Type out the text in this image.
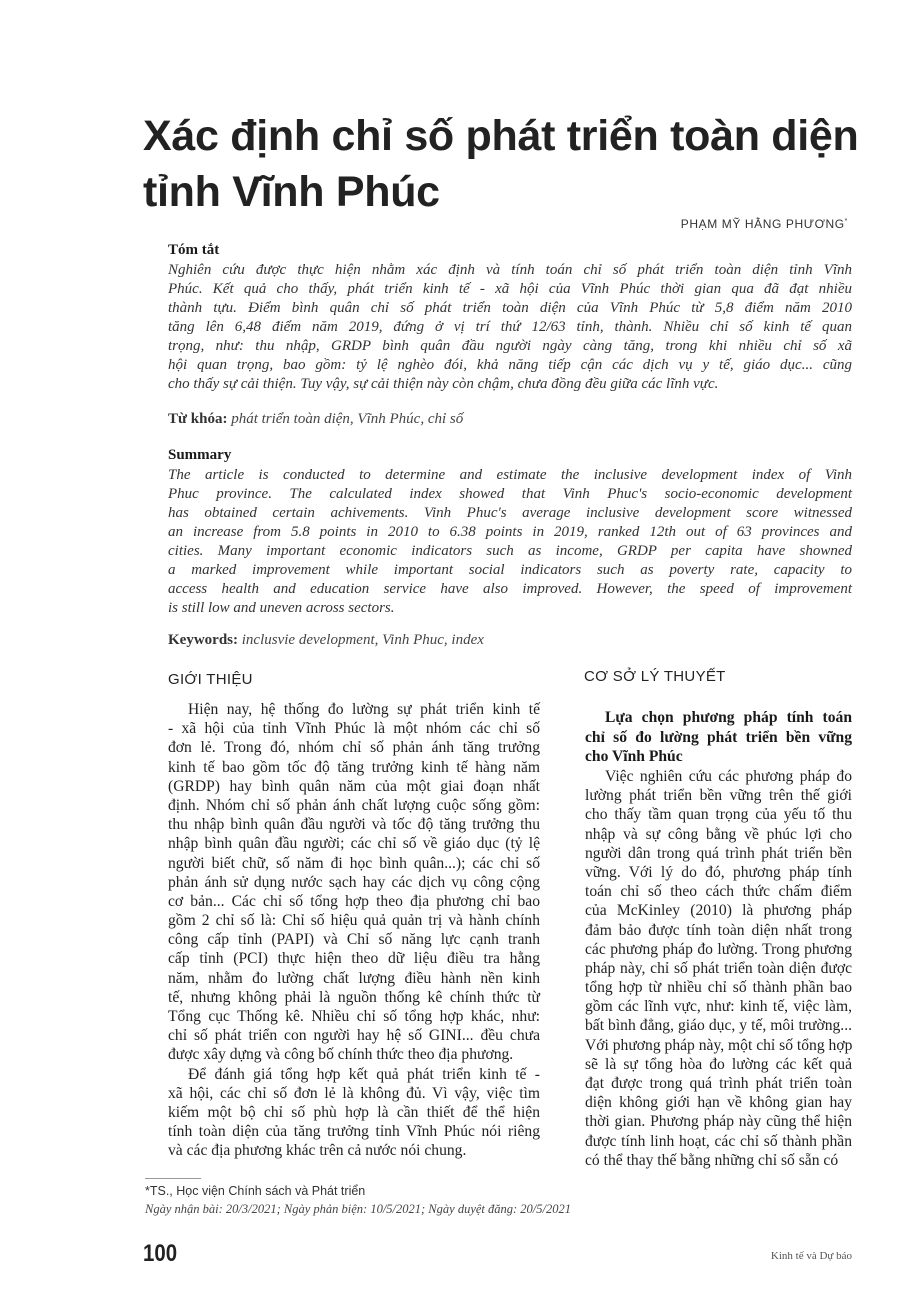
Xác định chỉ số phát triển toàn diện
tỉnh Vĩnh Phúc
PHẠM MỸ HẰNG PHƯƠNG*
Tóm tắt
Nghiên cứu được thực hiện nhằm xác định và tính toán chỉ số phát triển toàn diện tỉnh Vĩnh
Phúc. Kết quả cho thấy, phát triển kinh tế - xã hội của Vĩnh Phúc thời gian qua đã đạt nhiều
thành tựu. Điểm bình quân chỉ số phát triển toàn diện của Vĩnh Phúc từ 5,8 điểm năm 2010
tăng lên 6,48 điểm năm 2019, đứng ở vị trí thứ 12/63 tỉnh, thành. Nhiều chỉ số kinh tế quan
trọng, như: thu nhập, GRDP bình quân đầu người ngày càng tăng, trong khi nhiều chỉ số xã
hội quan trọng, bao gồm: tỷ lệ nghèo đói, khả năng tiếp cận các dịch vụ y tế, giáo dục... cũng
cho thấy sự cải thiện. Tuy vậy, sự cải thiện này còn chậm, chưa đồng đều giữa các lĩnh vực.
Từ khóa: phát triển toàn diện, Vĩnh Phúc, chỉ số
Summary
The article is conducted to determine and estimate the inclusive development index of Vinh
Phuc province. The calculated index showed that Vinh Phuc's socio-economic development
has obtained certain achivements. Vinh Phuc's average inclusive development score witnessed
an increase from 5.8 points in 2010 to 6.38 points in 2019, ranked 12th out of 63 provinces and
cities. Many important economic indicators such as income, GRDP per capita have showned
a marked improvement while important social indicators such as poverty rate, capacity to
access health and education service have also improved. However, the speed of improvement
is still low and uneven across sectors.
Keywords: inclusvie development, Vinh Phuc, index
GIỚI THIỆU	CƠ SỞ LÝ THUYẾT
Hiện nay, hệ thống đo lường sự phát triển kinh tế
- xã hội của tỉnh Vĩnh Phúc là một nhóm các chỉ số
đơn lẻ. Trong đó, nhóm chỉ số phản ánh tăng trưởng
kinh tế bao gồm tốc độ tăng trưởng kinh tế hàng năm
(GRDP) hay bình quân năm của một giai đoạn nhất
định. Nhóm chỉ số phản ánh chất lượng cuộc sống gồm:
thu nhập bình quân đầu người và tốc độ tăng trưởng thu
nhập bình quân đầu người; các chỉ số về giáo dục (tỷ lệ
người biết chữ, số năm đi học bình quân...); các chỉ số
phản ánh sử dụng nước sạch hay các dịch vụ công cộng
cơ bản... Các chỉ số tổng hợp theo địa phương chỉ bao
gồm 2 chỉ số là: Chỉ số hiệu quả quản trị và hành chính
công cấp tỉnh (PAPI) và Chỉ số năng lực cạnh tranh
cấp tỉnh (PCI) thực hiện theo dữ liệu điều tra hằng
năm, nhằm đo lường chất lượng điều hành nền kinh
tế, nhưng không phải là nguồn thống kê chính thức từ
Tổng cục Thống kê. Nhiều chỉ số tổng hợp khác, như:
chỉ số phát triển con người hay hệ số GINI... đều chưa
được xây dựng và công bố chính thức theo địa phương.
Để đánh giá tổng hợp kết quả phát triển kinh tế -
xã hội, các chỉ số đơn lẻ là không đủ. Vì vậy, việc tìm
kiếm một bộ chỉ số phù hợp là cần thiết để thể hiện
tính toàn diện của tăng trưởng tỉnh Vĩnh Phúc nói riêng
và các địa phương khác trên cả nước nói chung.
Lựa chọn phương pháp tính toán
chỉ số đo lường phát triển bền vững
cho Vĩnh Phúc
Việc nghiên cứu các phương pháp đo
lường phát triển bền vững trên thế giới
cho thấy tầm quan trọng của yếu tố thu
nhập và sự công bằng về phúc lợi cho
người dân trong quá trình phát triển bền
vững. Với lý do đó, phương pháp tính
toán chỉ số theo cách thức chấm điểm
của McKinley (2010) là phương pháp
đảm bảo được tính toàn diện nhất trong
các phương pháp đo lường. Trong phương
pháp này, chỉ số phát triển toàn diện được
tổng hợp từ nhiều chỉ số thành phần bao
gồm các lĩnh vực, như: kinh tế, việc làm,
bất bình đẳng, giáo dục, y tế, môi trường...
Với phương pháp này, một chỉ số tổng hợp
sẽ là sự tổng hòa đo lường các kết quả
đạt được trong quá trình phát triển toàn
diện không giới hạn về không gian hay
thời gian. Phương pháp này cũng thể hiện
được tính linh hoạt, các chỉ số thành phần
có thể thay thế bằng những chỉ số sẵn có
*TS., Học viện Chính sách và Phát triển
Ngày nhận bài: 20/3/2021; Ngày phản biện: 10/5/2021; Ngày duyệt đăng: 20/5/2021
100	Kinh tế và Dự báo
